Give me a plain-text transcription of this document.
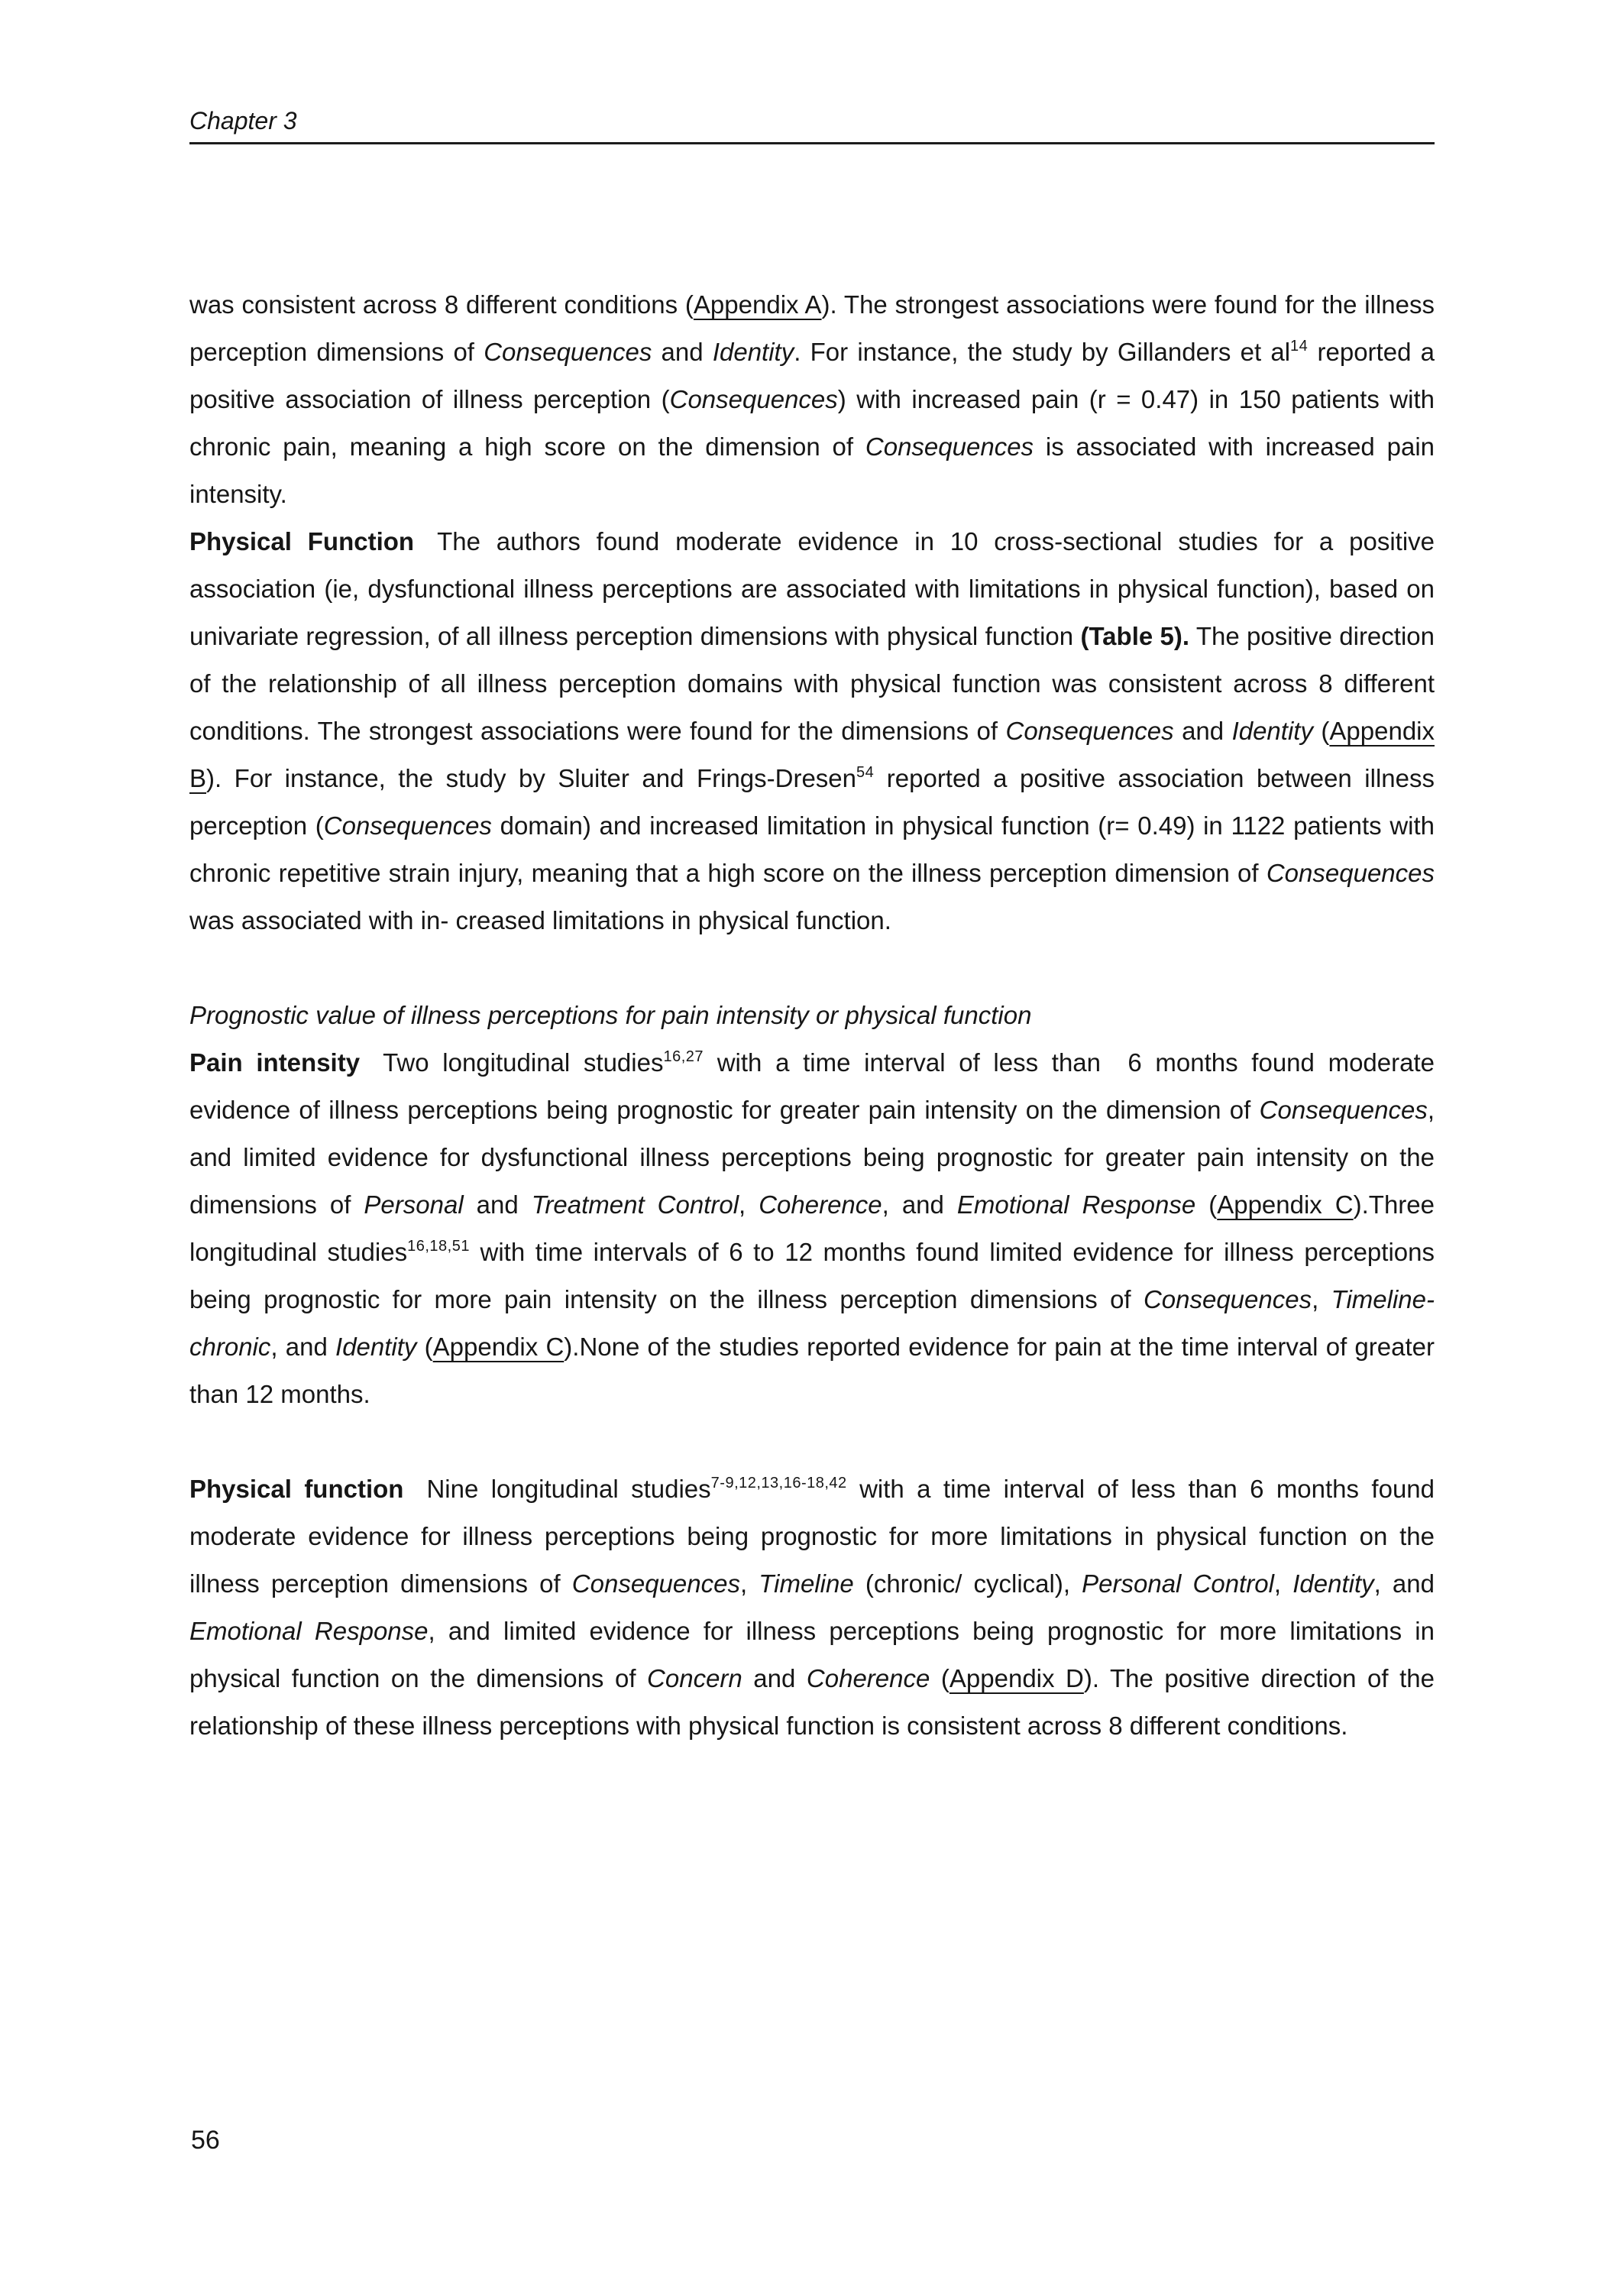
Chapter 3
was consistent across 8 different conditions (Appendix A). The strongest associations were found for the illness perception dimensions of Consequences and Identity. For instance, the study by Gillanders et $al^{14}$ reported a positive association of illness perception (Consequences) with increased pain (r = 0.47) in 150 patients with chronic pain, meaning a high score on the dimension of Consequences is associated with increased pain intensity.
Physical Function The authors found moderate evidence in 10 cross-sectional studies for a positive association (ie, dysfunctional illness perceptions are associated with limitations in physical function), based on univariate regression, of all illness perception dimensions with physical function (Table 5). The positive direction of the relationship of all illness perception domains with physical function was consistent across 8 different conditions. The strongest associations were found for the dimensions of Consequences and Identity (Appendix B). For instance, the study by Sluiter and Frings-Dresen$^{54}$ reported a positive association between illness perception (Consequences domain) and increased limitation in physical function (r= 0.49) in 1122 patients with chronic repetitive strain injury, meaning that a high score on the illness perception dimension of Consequences was associated with in- creased limitations in physical function.
Prognostic value of illness perceptions for pain intensity or physical function
Pain intensity Two longitudinal studies$^{16,27}$ with a time interval of less than  6 months found moderate evidence of illness perceptions being prognostic for greater pain intensity on the dimension of Consequences, and limited evidence for dysfunctional illness perceptions being prognostic for greater pain intensity on the dimensions of Personal and Treatment Control, Coherence, and Emotional Response (Appendix C).Three longitudinal studies$^{16,18,51}$ with time intervals of 6 to 12 months found limited evidence for illness perceptions being prognostic for more pain intensity on the illness perception dimensions of Consequences, Timeline-chronic, and Identity (Appendix C).None of the studies reported evidence for pain at the time interval of greater than 12 months.
Physical function Nine longitudinal studies$^{7-9,12,13,16-18,42}$ with a time interval of less than 6 months found moderate evidence for illness perceptions being prognostic for more limitations in physical function on the illness perception dimensions of Consequences, Timeline (chronic/ cyclical), Personal Control, Identity, and Emotional Response, and limited evidence for illness perceptions being prognostic for more limitations in physical function on the dimensions of Concern and Coherence (Appendix D). The positive direction of the relationship of these illness perceptions with physical function is consistent across 8 different conditions.
56
